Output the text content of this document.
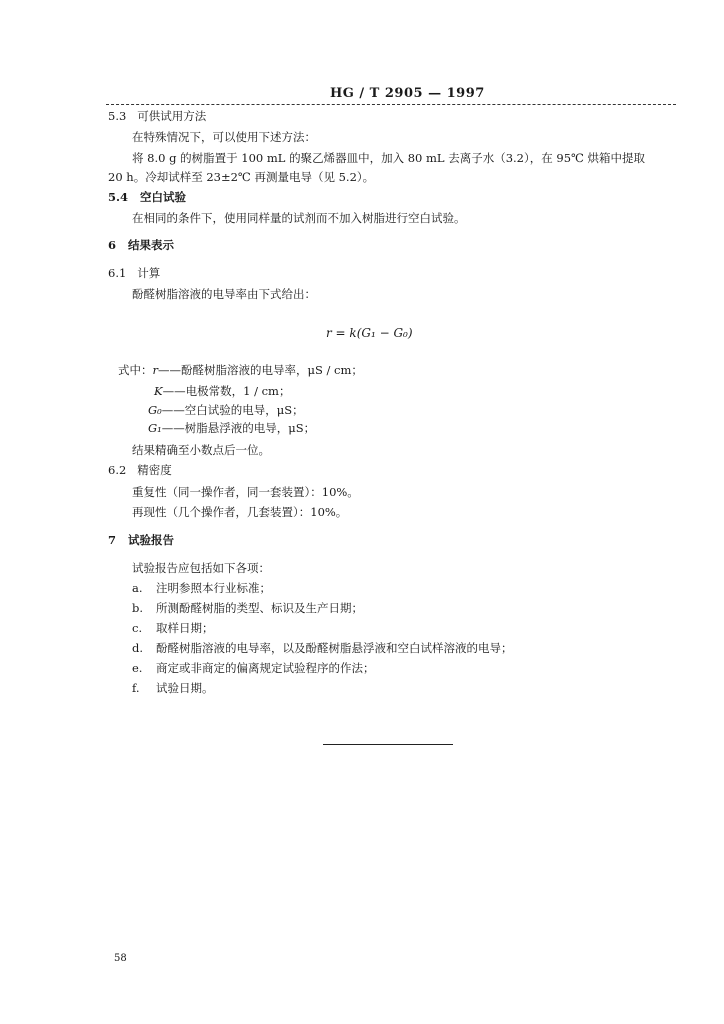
HG / T 2905 — 1997
5.3 可供试用方法
在特殊情况下，可以使用下述方法：
将 8.0 g 的树脂置于 100 mL 的聚乙烯器皿中，加入 80 mL 去离子水（3.2），在 95℃ 烘箱中提取
20 h。冷却试样至 23±2℃ 再测量电导（见 5.2）。
5.4 空白试验
在相同的条件下，使用同样量的试剂而不加入树脂进行空白试验。
6 结果表示
6.1 计算
酚醛树脂溶液的电导率由下式给出：
r = k(G₁ − G₀)
式中：r——酚醛树脂溶液的电导率，μS / cm；
K——电极常数，1 / cm；
G₀——空白试验的电导，μS；
G₁——树脂悬浮液的电导，μS；
结果精确至小数点后一位。
6.2 精密度
重复性（同一操作者，同一套装置）：10%。
再现性（几个操作者，几套装置）：10%。
7 试验报告
试验报告应包括如下各项：
a. 注明参照本行业标准；
b. 所测酚醛树脂的类型、标识及生产日期；
c. 取样日期；
d. 酚醛树脂溶液的电导率，以及酚醛树脂悬浮液和空白试样溶液的电导；
e. 商定或非商定的偏离规定试验程序的作法；
f. 试验日期。
58
